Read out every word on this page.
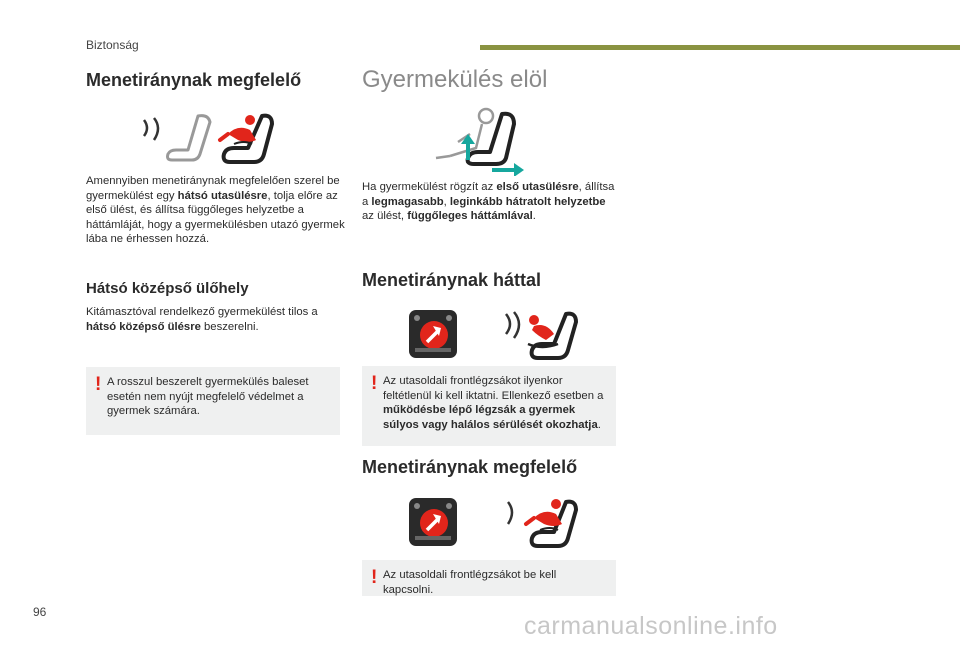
Biztonság
Menetiránynak megfelelő

Amennyiben menetiránynak megfelelően szerel be gyermekülést egy hátsó utasülésre, tolja előre az első ülést, és állítsa függőleges helyzetbe a háttámláját, hogy a gyermekülésben utazó gyermek lába ne érhessen hozzá.

Hátsó középső ülőhely

Kitámasztóval rendelkező gyermekülést tilos a hátsó középső ülésre beszerelni.

! A rosszul beszerelt gyermekülés baleset esetén nem nyújt megfelelő védelmet a gyermek számára.

Gyermekülés elöl

Ha gyermekülést rögzít az első utasülésre, állítsa a legmagasabb, leginkább hátratolt helyzetbe az ülést, függőleges háttámlával.

Menetiránynak háttal
! Az utasoldali frontlégzsákot ilyenkor feltétlenül ki kell iktatni. Ellenkező esetben a működésbe lépő légzsák a gyermek súlyos vagy halálos sérülését okozhatja.

Menetiránynak megfelelő
! Az utasoldali frontlégzsákot be kell kapcsolni.

96	carmanualsonline.info
